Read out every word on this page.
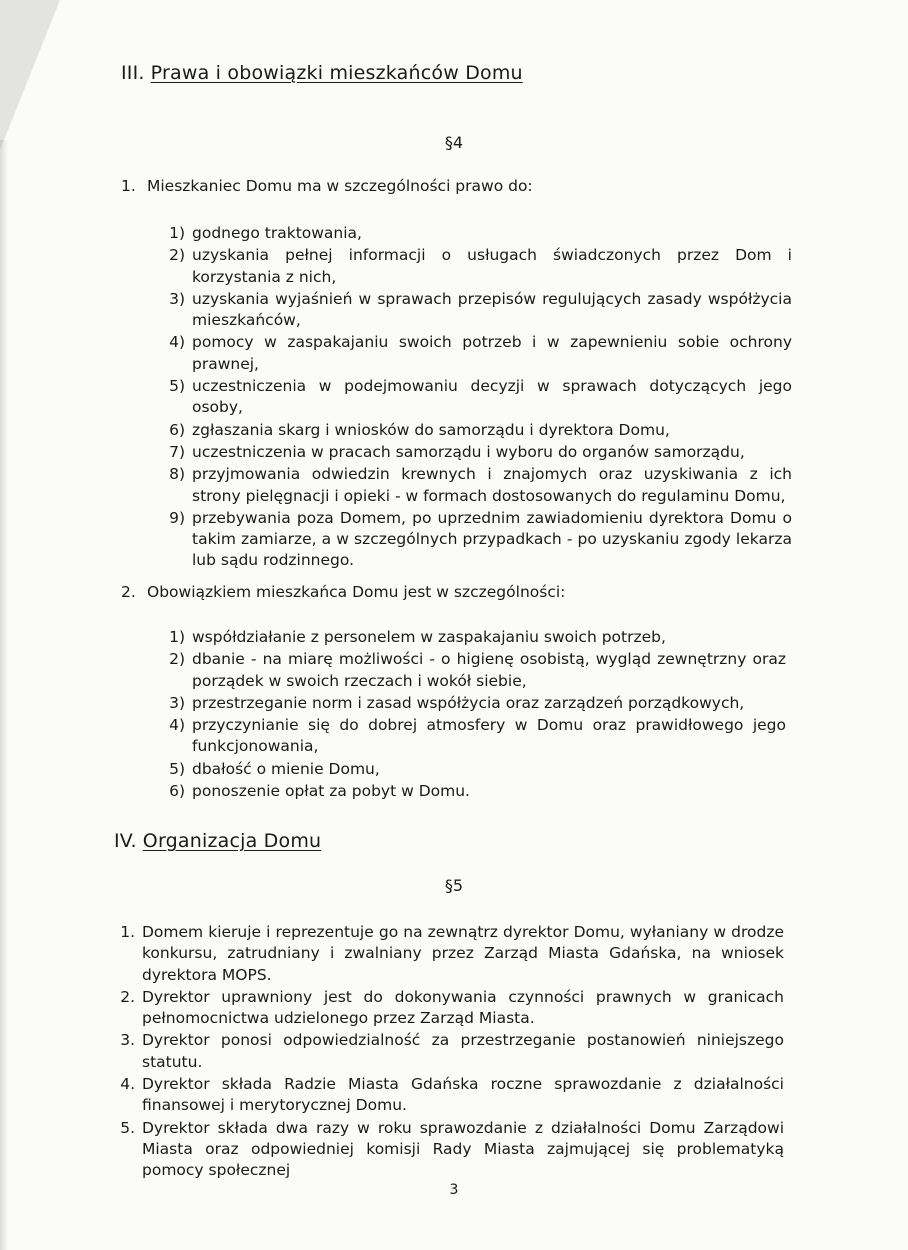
III. Prawa i obowiązki mieszkańców Domu
§4
1. Mieszkaniec Domu ma w szczególności prawo do:
1) godnego traktowania,
2) uzyskania pełnej informacji o usługach świadczonych przez Dom i korzystania z nich,
3) uzyskania wyjaśnień w sprawach przepisów regulujących zasady współżycia mieszkańców,
4) pomocy w zaspakajaniu swoich potrzeb i w zapewnieniu sobie ochrony prawnej,
5) uczestniczenia w podejmowaniu decyzji w sprawach dotyczących jego osoby,
6) zgłaszania skarg i wniosków do samorządu i dyrektora Domu,
7) uczestniczenia w pracach samorządu i wyboru do organów samorządu,
8) przyjmowania odwiedzin krewnych i znajomych oraz uzyskiwania z ich strony pielęgnacji i opieki - w formach dostosowanych do regulaminu Domu,
9) przebywania poza Domem, po uprzednim zawiadomieniu dyrektora Domu o takim zamiarze, a w szczególnych przypadkach - po uzyskaniu zgody lekarza lub sądu rodzinnego.
2. Obowiązkiem mieszkańca Domu jest w szczególności:
1) współdziałanie z personelem w zaspakajaniu swoich potrzeb,
2) dbanie - na miarę możliwości - o higienę osobistą, wygląd zewnętrzny oraz porządek w swoich rzeczach i wokół siebie,
3) przestrzeganie norm i zasad współżycia oraz zarządzeń porządkowych,
4) przyczynianie się do dobrej atmosfery w Domu oraz prawidłowego jego funkcjonowania,
5) dbałość o mienie Domu,
6) ponoszenie opłat za pobyt w Domu.
IV. Organizacja Domu
§5
1. Domem kieruje i reprezentuje go na zewnątrz dyrektor Domu, wyłaniany w drodze konkursu, zatrudniany i zwalniany przez Zarząd Miasta Gdańska, na wniosek dyrektora MOPS.
2. Dyrektor uprawniony jest do dokonywania czynności prawnych w granicach pełnomocnictwa udzielonego przez Zarząd Miasta.
3. Dyrektor ponosi odpowiedzialność za przestrzeganie postanowień niniejszego statutu.
4. Dyrektor składa Radzie Miasta Gdańska roczne sprawozdanie z działalności finansowej i merytorycznej Domu.
5. Dyrektor składa dwa razy w roku sprawozdanie z działalności Domu Zarządowi Miasta oraz odpowiedniej komisji Rady Miasta zajmującej się problematyką pomocy społecznej
3
